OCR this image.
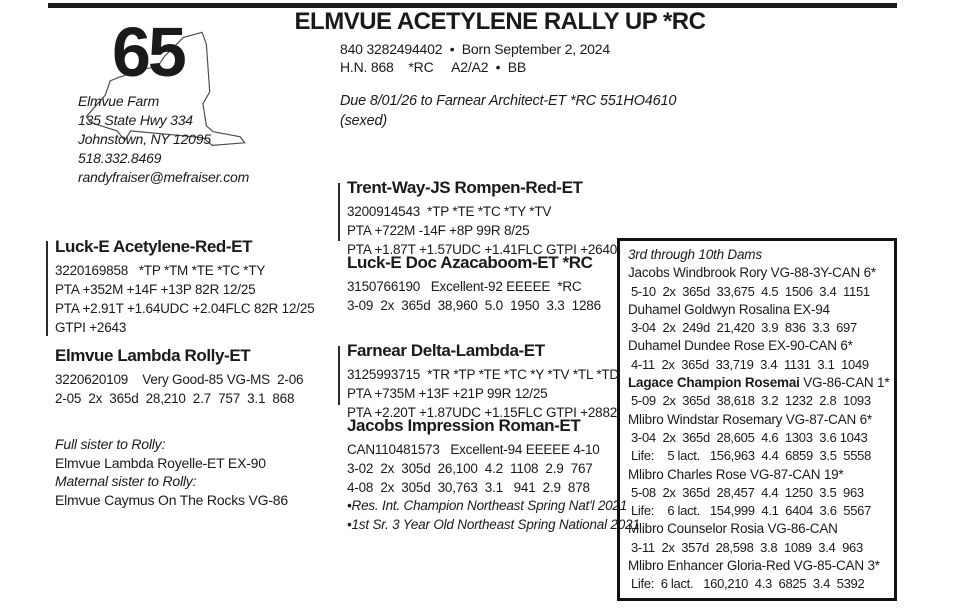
65
Elmvue Farm
135 State Hwy 334
Johnstown, NY 12095
518.332.8469
randyfraiser@mefraiser.com
ELMVUE ACETYLENE RALLY UP *RC
840 3282494402  •  Born September 2, 2024
H.N. 868    *RC     A2/A2  •  BB
Due 8/01/26 to Farnear Architect-ET *RC 551HO4610
(sexed)
Luck-E Acetylene-Red-ET
3220169858   *TP *TM *TE *TC *TY
PTA +352M +14F +13P 82R 12/25
PTA +2.91T +1.64UDC +2.04FLC 82R 12/25
GTPI +2643
Elmvue Lambda Rolly-ET
3220620109    Very Good-85 VG-MS  2-06
2-05  2x  365d  28,210  2.7  757  3.1  868
Full sister to Rolly:
Elmvue Lambda Royelle-ET EX-90
Maternal sister to Rolly:
Elmvue Caymus On The Rocks VG-86
Trent-Way-JS Rompen-Red-ET
3200914543  *TP *TE *TC *TY *TV
PTA +722M -14F +8P 99R 8/25
PTA +1.87T +1.57UDC +1.41FLC GTPI +2640
Luck-E Doc Azacaboom-ET *RC
3150766190   Excellent-92 EEEEE  *RC
3-09  2x  365d  38,960  5.0  1950  3.3  1286
Farnear Delta-Lambda-ET
3125993715  *TR *TP *TE *TC *Y *TV *TL *TD
PTA +735M +13F +21P 99R 12/25
PTA +2.20T +1.87UDC +1.15FLC GTPI +2882
Jacobs Impression Roman-ET
CAN110481573   Excellent-94 EEEEE 4-10
3-02  2x  305d  26,100  4.2  1108  2.9  767
4-08  2x  305d  30,763  3.1   941  2.9  878
•Res. Int. Champion Northeast Spring Nat'l 2021
•1st Sr. 3 Year Old Northeast Spring National 2021
3rd through 10th Dams
Jacobs Windbrook Rory VG-88-3Y-CAN 6*
5-10  2x  365d  33,675  4.5  1506  3.4  1151
Duhamel Goldwyn Rosalina EX-94
3-04  2x  249d  21,420  3.9  836  3.3  697
Duhamel Dundee Rose EX-90-CAN 6*
4-11  2x  365d  33,719  3.4  1131  3.1  1049
Lagace Champion Rosemai VG-86-CAN 1*
5-09  2x  365d  38,618  3.2  1232  2.8  1093
Mlibro Windstar Rosemary VG-87-CAN 6*
3-04  2x  365d  28,605  4.6  1303  3.6 1043
Life:    5 lact.   156,963  4.4  6859  3.5  5558
Mlibro Charles Rose VG-87-CAN 19*
5-08  2x  365d  28,457  4.4  1250  3.5  963
Life:    6 lact.   154,999  4.1  6404  3.6  5567
Mlibro Counselor Rosia VG-86-CAN
3-11  2x  357d  28,598  3.8  1089  3.4  963
Mlibro Enhancer Gloria-Red VG-85-CAN 3*
Life:  6 lact.   160,210  4.3  6825  3.4  5392
